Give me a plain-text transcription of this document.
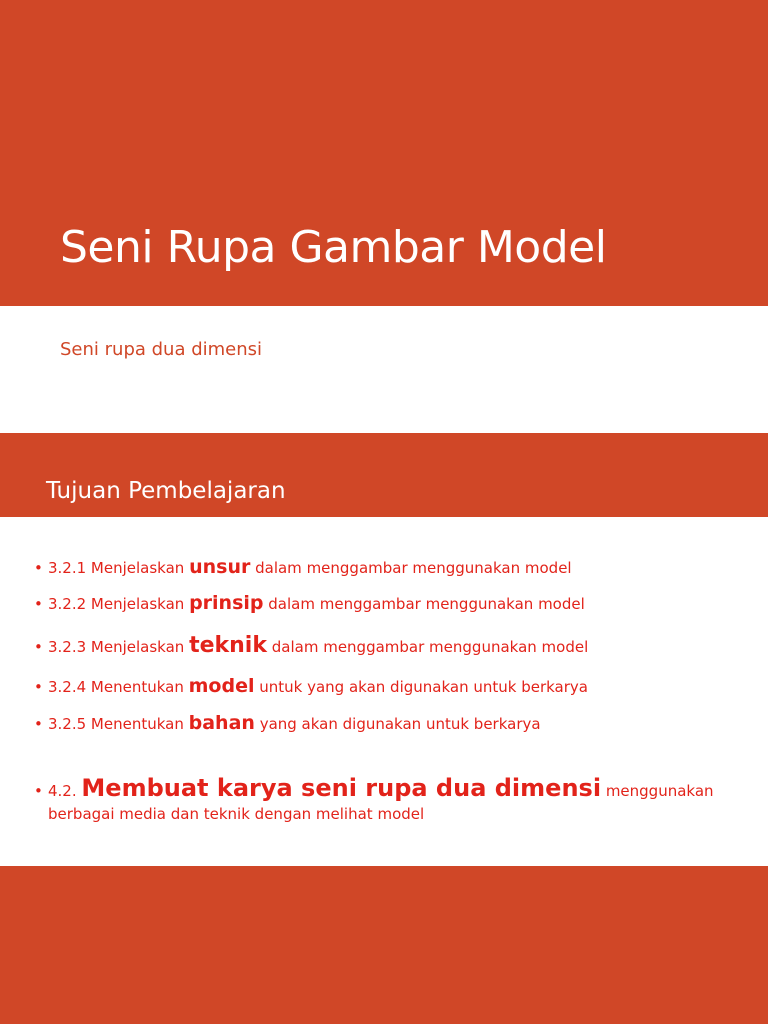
Seni Rupa Gambar Model
Seni rupa dua dimensi
Tujuan Pembelajaran
• 3.2.1 Menjelaskan unsur dalam menggambar menggunakan model
• 3.2.2 Menjelaskan prinsip dalam menggambar menggunakan model
• 3.2.3 Menjelaskan teknik dalam menggambar menggunakan model
• 3.2.4 Menentukan model untuk yang akan digunakan untuk berkarya
• 3.2.5 Menentukan bahan yang akan digunakan untuk berkarya
• 4.2. Membuat karya seni rupa dua dimensi menggunakan
berbagai media dan teknik dengan melihat model
